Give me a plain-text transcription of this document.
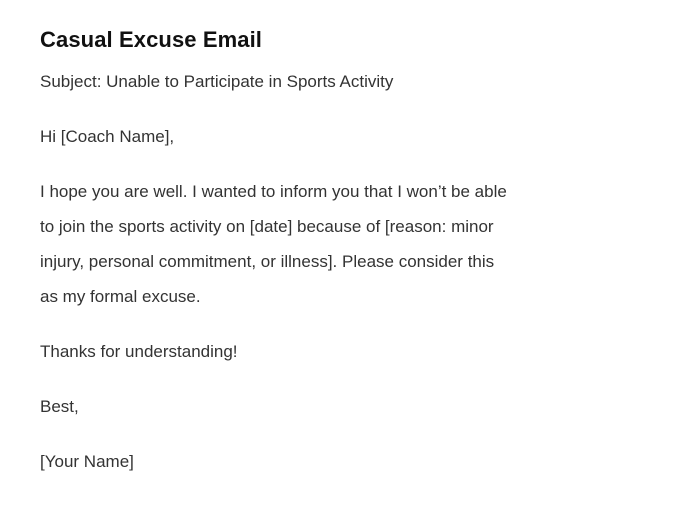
Casual Excuse Email

Subject: Unable to Participate in Sports Activity

Hi [Coach Name],

I hope you are well. I wanted to inform you that I won’t be able
to join the sports activity on [date] because of [reason: minor
injury, personal commitment, or illness]. Please consider this
as my formal excuse.

Thanks for understanding!

Best,

[Your Name]
